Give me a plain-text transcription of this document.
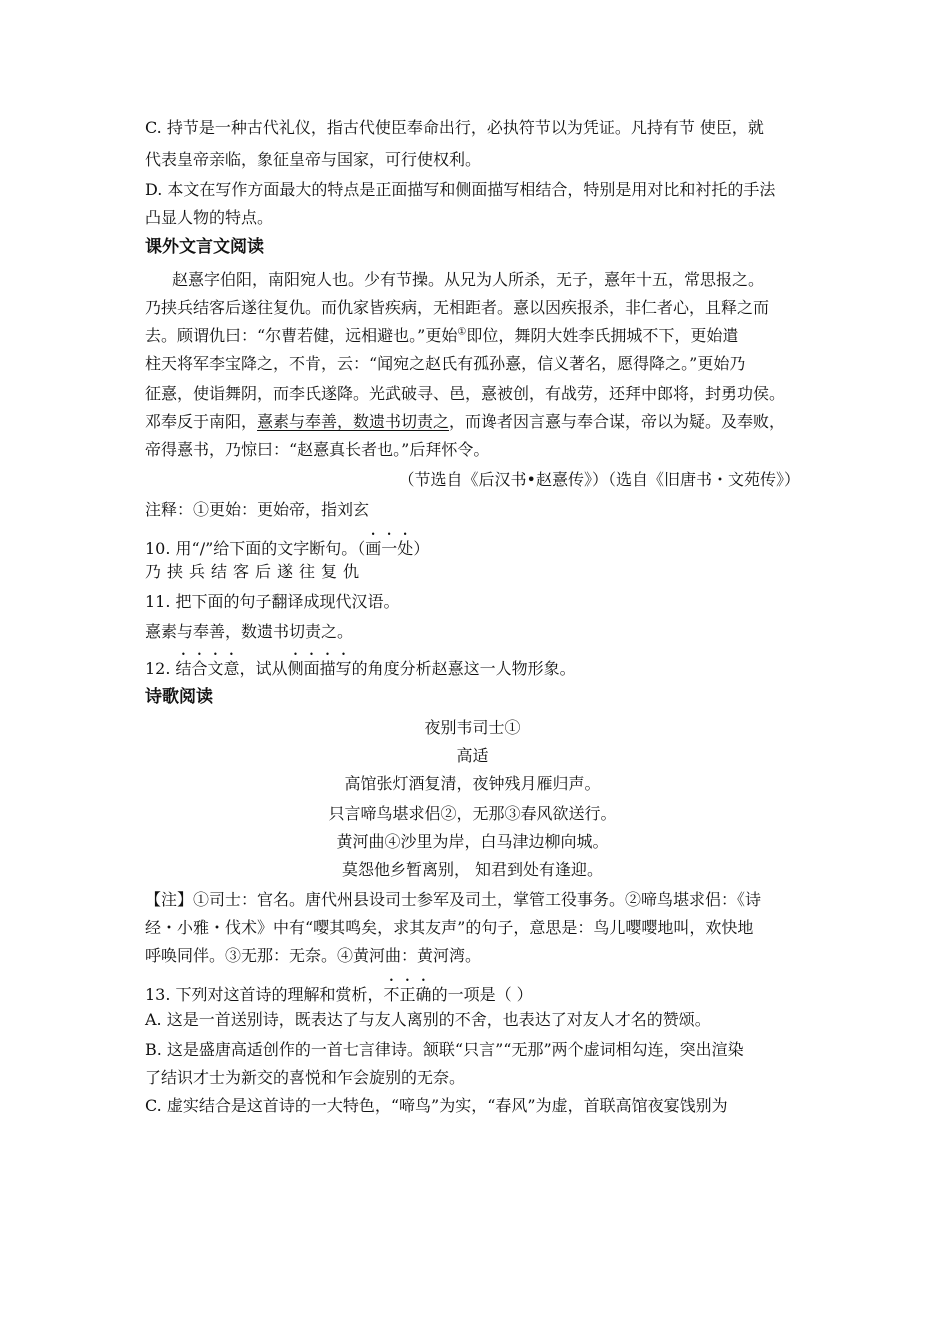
C. 持节是一种古代礼仪，指古代使臣奉命出行，必执符节以为凭证。凡持有节 使臣，就
代表皇帝亲临，象征皇帝与国家，可行使权利。
D. 本文在写作方面最大的特点是正面描写和侧面描写相结合，特别是用对比和衬托的手法
凸显人物的特点。
课外文言文阅读
赵憙字伯阳，南阳宛人也。少有节操。从兄为人所杀，无子，憙年十五，常思报之。
乃挟兵结客后遂往复仇。而仇家皆疾病，无相距者。憙以因疾报杀，非仁者心，且释之而
去。顾谓仇曰：“尔曹若健，远相避也。”更始①即位，舞阴大姓李氏拥城不下，更始遣
柱天将军李宝降之，不肯，云：“闻宛之赵氏有孤孙憙，信义著名，愿得降之。”更始乃
征憙，使诣舞阴，而李氏遂降。光武破寻、邑，憙被创，有战劳，还拜中郎将，封勇功侯。
邓奉反于南阳，憙素与奉善，数遗书切责之，而谗者因言憙与奉合谋，帝以为疑。及奉败，
帝得憙书，乃惊曰：“赵憙真长者也。”后拜怀令。
（节选自《后汉书•赵憙传》）（选自《旧唐书・文苑传》）
注释：①更始：更始帝，指刘玄
10. 用“/”给下面的文字断句。（画一处）
乃挟兵结客后遂往复仇
11. 把下面的句子翻译成现代汉语。
憙素与奉善，数遗书切责之。
12. 结合文意，试从侧面描写的角度分析赵憙这一人物形象。
诗歌阅读
夜别韦司士①
高适
高馆张灯酒复清，夜钟残月雁归声。
只言啼鸟堪求侣②，无那③春风欲送行。
黄河曲④沙里为岸，白马津边柳向城。
莫怨他乡暂离别， 知君到处有逢迎。
【注】①司士：官名。唐代州县设司士参军及司土，掌管工役事务。②啼鸟堪求侣：《诗
经・小雅・伐术》中有“嘤其鸣矣，求其友声”的句子，意思是：鸟儿嘤嘤地叫，欢快地
呼唤同伴。③无那：无奈。④黄河曲：黄河湾。
13. 下列对这首诗的理解和赏析，不正确的一项是（ ）
A. 这是一首送别诗，既表达了与友人离别的不舍，也表达了对友人才名的赞颂。
B. 这是盛唐高适创作的一首七言律诗。颔联“只言”“无那”两个虚词相勾连，突出渲染
了结识才士为新交的喜悦和乍会旋别的无奈。
C. 虚实结合是这首诗的一大特色，“啼鸟”为实，“春风”为虚，首联高馆夜宴饯别为
